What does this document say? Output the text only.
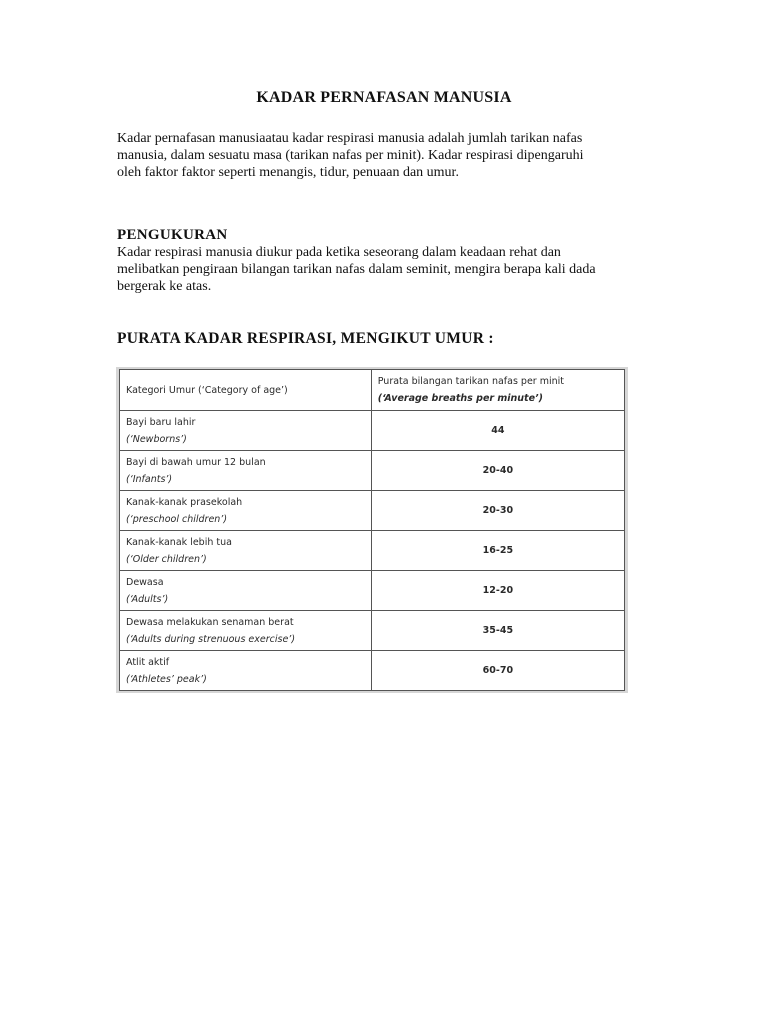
KADAR PERNAFASAN MANUSIA
Kadar pernafasan manusiaatau kadar respirasi manusia adalah jumlah tarikan nafas
manusia, dalam sesuatu masa (tarikan nafas per minit). Kadar respirasi dipengaruhi
oleh faktor faktor seperti menangis, tidur, penuaan dan umur.
PENGUKURAN
Kadar respirasi manusia diukur pada ketika seseorang dalam keadaan rehat dan
melibatkan pengiraan bilangan tarikan nafas dalam seminit, mengira berapa kali dada
bergerak ke atas.
PURATA KADAR RESPIRASI, MENGIKUT UMUR :
Kategori Umur (‘Category of age’)	Purata bilangan tarikan nafas per minit
(‘Average breaths per minute’)

Bayi baru lahir
(‘Newborns’)	44

Bayi di bawah umur 12 bulan
(‘Infants’)	20-40

Kanak-kanak prasekolah
(‘preschool children’)	20-30

Kanak-kanak lebih tua
(‘Older children’)	16-25

Dewasa
(‘Adults’)	12-20

Dewasa melakukan senaman berat
(‘Adults during strenuous exercise’)	35-45

Atlit aktif
(‘Athletes’ peak’)	60-70
